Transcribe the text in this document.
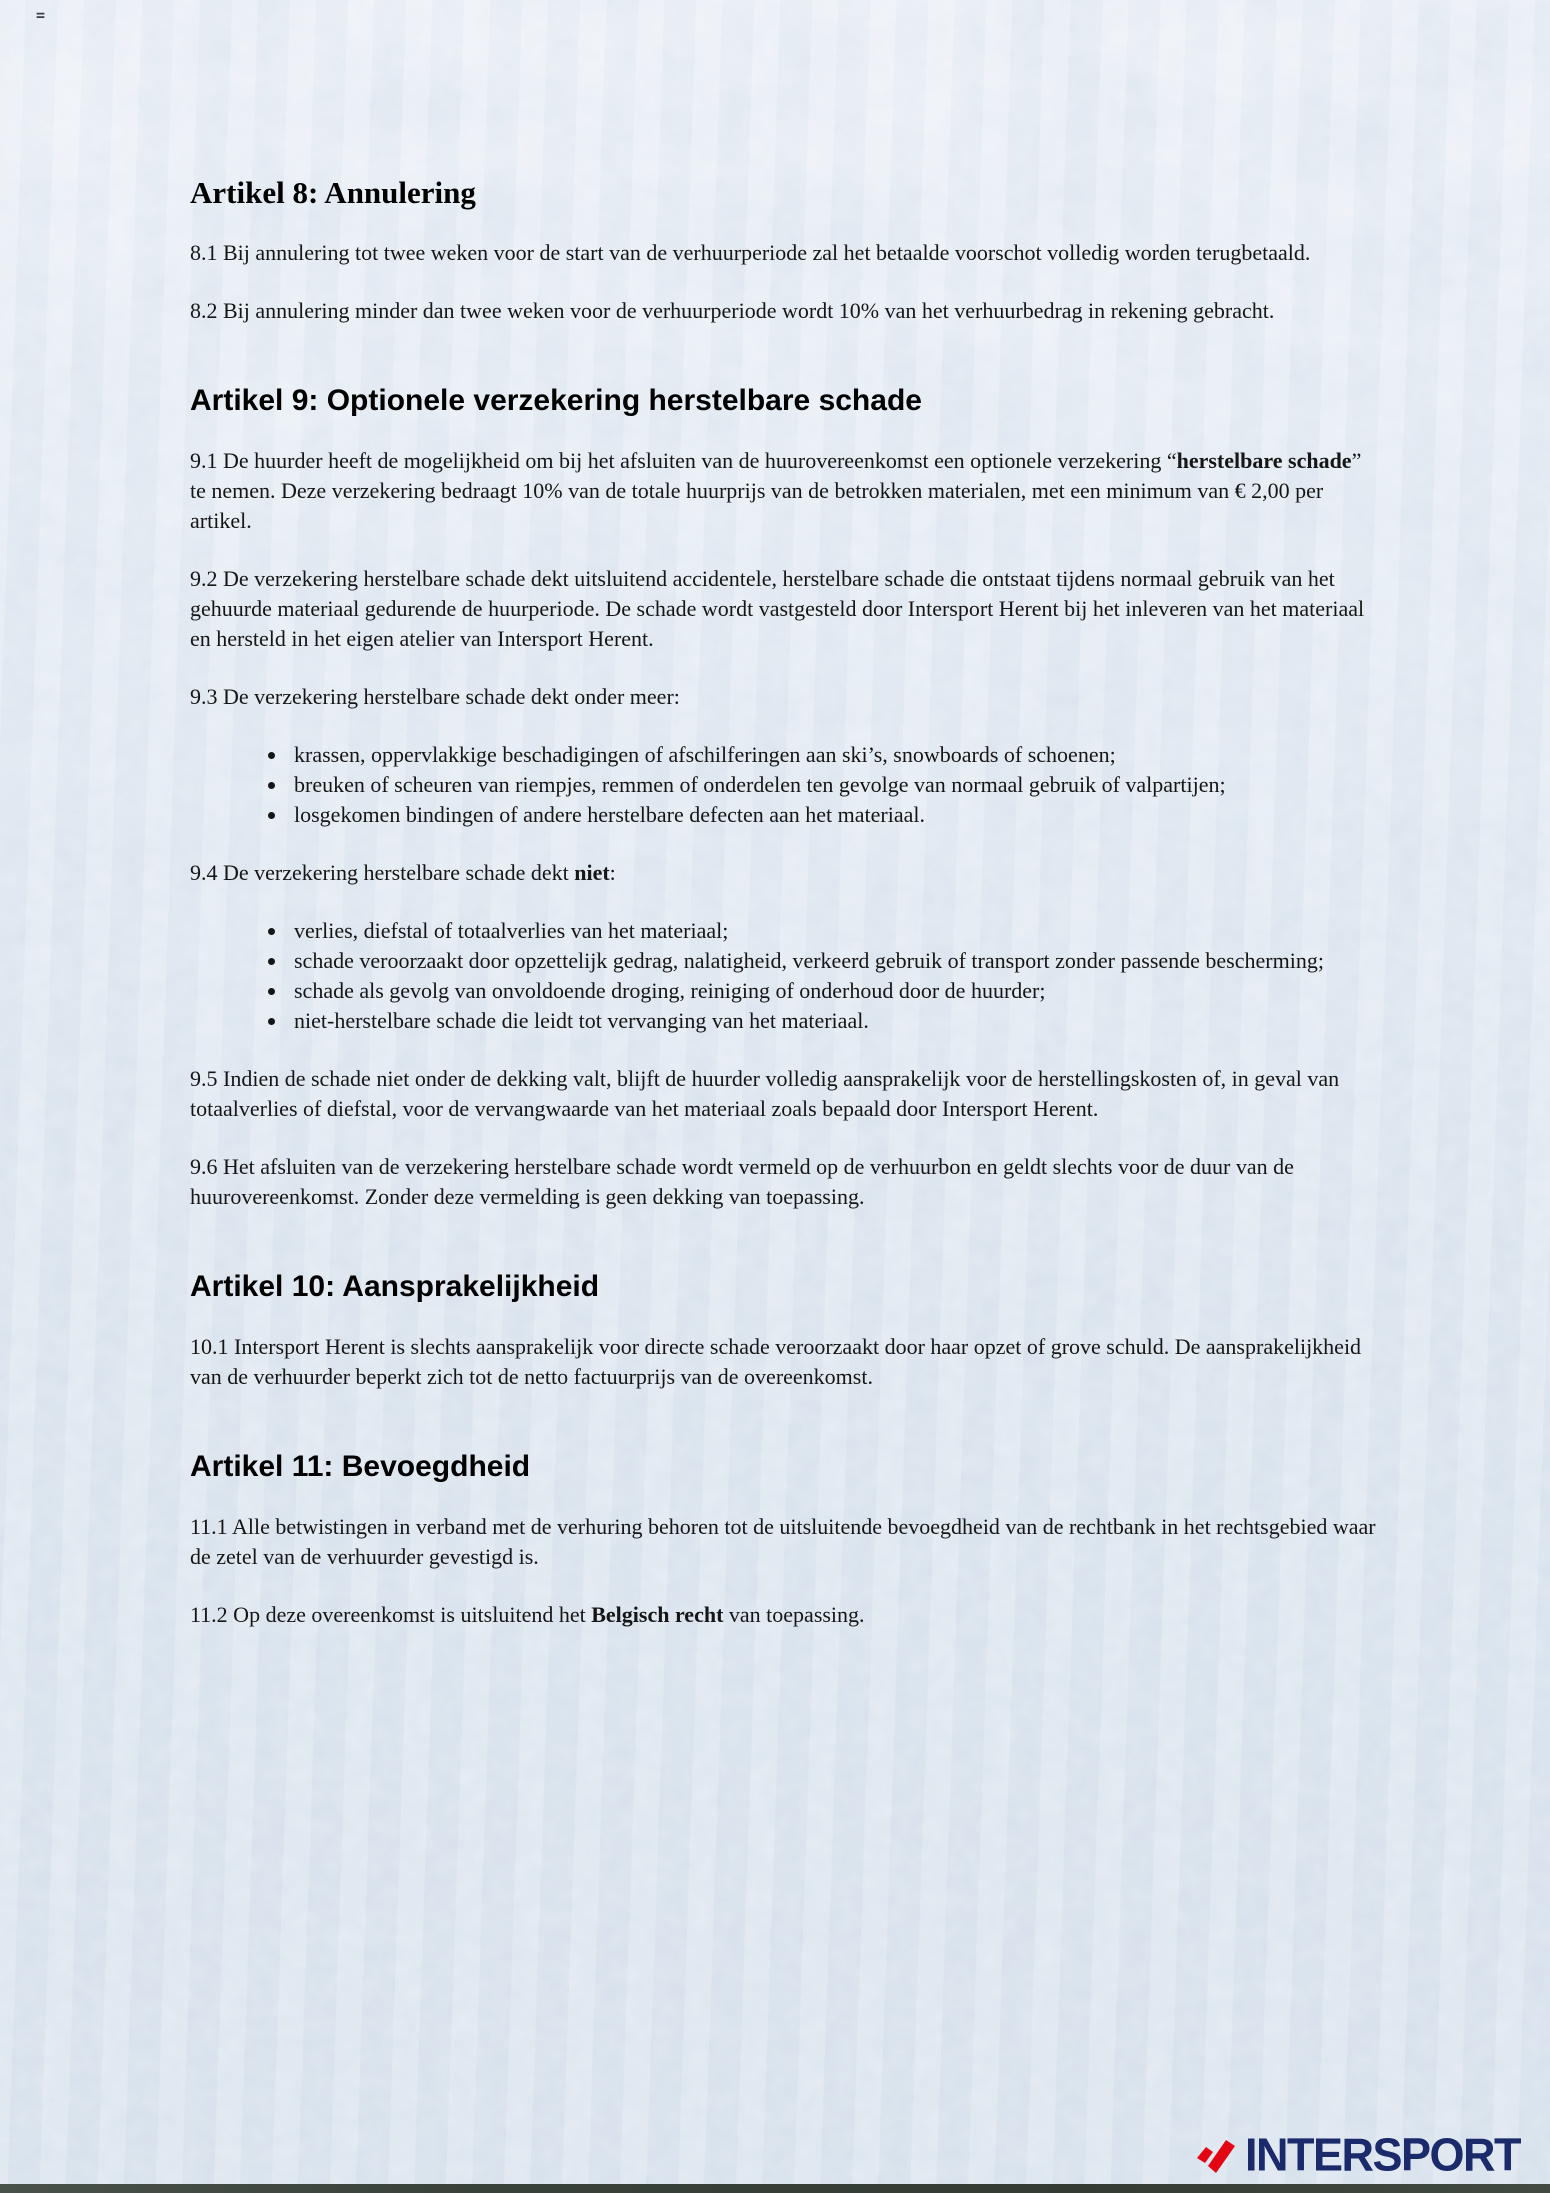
=
Artikel 8: Annulering

8.1 Bij annulering tot twee weken voor de start van de verhuurperiode zal het betaalde voorschot volledig worden terugbetaald.

8.2 Bij annulering minder dan twee weken voor de verhuurperiode wordt 10% van het verhuurbedrag in rekening gebracht.

Artikel 9: Optionele verzekering herstelbare schade

9.1 De huurder heeft de mogelijkheid om bij het afsluiten van de huurovereenkomst een optionele verzekering “herstelbare schade” te nemen. Deze verzekering bedraagt 10% van de totale huurprijs van de betrokken materialen, met een minimum van € 2,00 per artikel.

9.2 De verzekering herstelbare schade dekt uitsluitend accidentele, herstelbare schade die ontstaat tijdens normaal gebruik van het gehuurde materiaal gedurende de huurperiode. De schade wordt vastgesteld door Intersport Herent bij het inleveren van het materiaal en hersteld in het eigen atelier van Intersport Herent.

9.3 De verzekering herstelbare schade dekt onder meer:

• krassen, oppervlakkige beschadigingen of afschilferingen aan ski’s, snowboards of schoenen;
• breuken of scheuren van riempjes, remmen of onderdelen ten gevolge van normaal gebruik of valpartijen;
• losgekomen bindingen of andere herstelbare defecten aan het materiaal.

9.4 De verzekering herstelbare schade dekt niet:

• verlies, diefstal of totaalverlies van het materiaal;
• schade veroorzaakt door opzettelijk gedrag, nalatigheid, verkeerd gebruik of transport zonder passende bescherming;
• schade als gevolg van onvoldoende droging, reiniging of onderhoud door de huurder;
• niet-herstelbare schade die leidt tot vervanging van het materiaal.

9.5 Indien de schade niet onder de dekking valt, blijft de huurder volledig aansprakelijk voor de herstellingskosten of, in geval van totaalverlies of diefstal, voor de vervangwaarde van het materiaal zoals bepaald door Intersport Herent.

9.6 Het afsluiten van de verzekering herstelbare schade wordt vermeld op de verhuurbon en geldt slechts voor de duur van de huurovereenkomst. Zonder deze vermelding is geen dekking van toepassing.

Artikel 10: Aansprakelijkheid

10.1 Intersport Herent is slechts aansprakelijk voor directe schade veroorzaakt door haar opzet of grove schuld. De aansprakelijkheid van de verhuurder beperkt zich tot de netto factuurprijs van de overeenkomst.

Artikel 11: Bevoegdheid

11.1 Alle betwistingen in verband met de verhuring behoren tot de uitsluitende bevoegdheid van de rechtbank in het rechtsgebied waar de zetel van de verhuurder gevestigd is.

11.2 Op deze overeenkomst is uitsluitend het Belgisch recht van toepassing.

INTERSPORT
